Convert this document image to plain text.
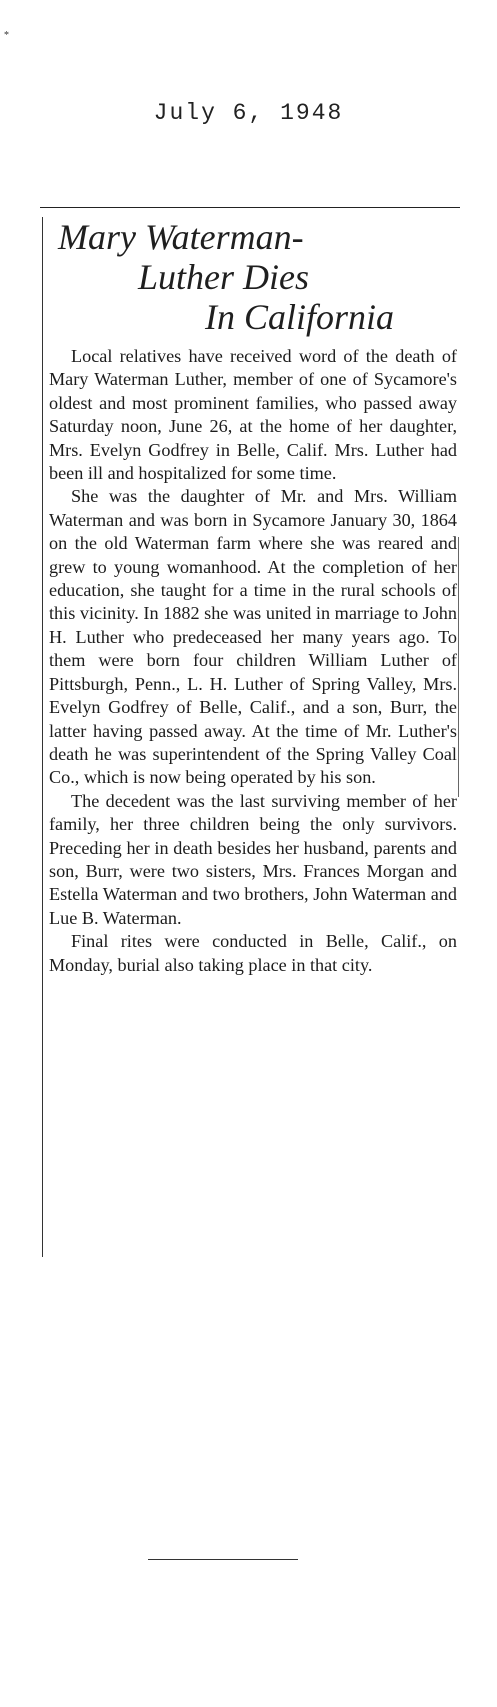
*
July 6, 1948
Mary Waterman-
Luther Dies
In California

Local relatives have received word of the death of Mary Waterman Luther, member of one of Sycamore's oldest and most prominent families, who passed away Saturday noon, June 26, at the home of her daughter, Mrs. Evelyn Godfrey in Belle, Calif. Mrs. Luther had been ill and hospitalized for some time.

She was the daughter of Mr. and Mrs. William Waterman and was born in Sycamore January 30, 1864 on the old Waterman farm where she was reared and grew to young womanhood. At the completion of her education, she taught for a time in the rural schools of this vicinity. In 1882 she was united in marriage to John H. Luther who predeceased her many years ago. To them were born four children William Luther of Pittsburgh, Penn., L. H. Luther of Spring Valley, Mrs. Evelyn Godfrey of Belle, Calif., and a son, Burr, the latter having passed away. At the time of Mr. Luther's death he was superintendent of the Spring Valley Coal Co., which is now being operated by his son.

The decedent was the last surviving member of her family, her three children being the only survivors. Preceding her in death besides her husband, parents and son, Burr, were two sisters, Mrs. Frances Morgan and Estella Waterman and two brothers, John Waterman and Lue B. Waterman.

Final rites were conducted in Belle, Calif., on Monday, burial also taking place in that city.
